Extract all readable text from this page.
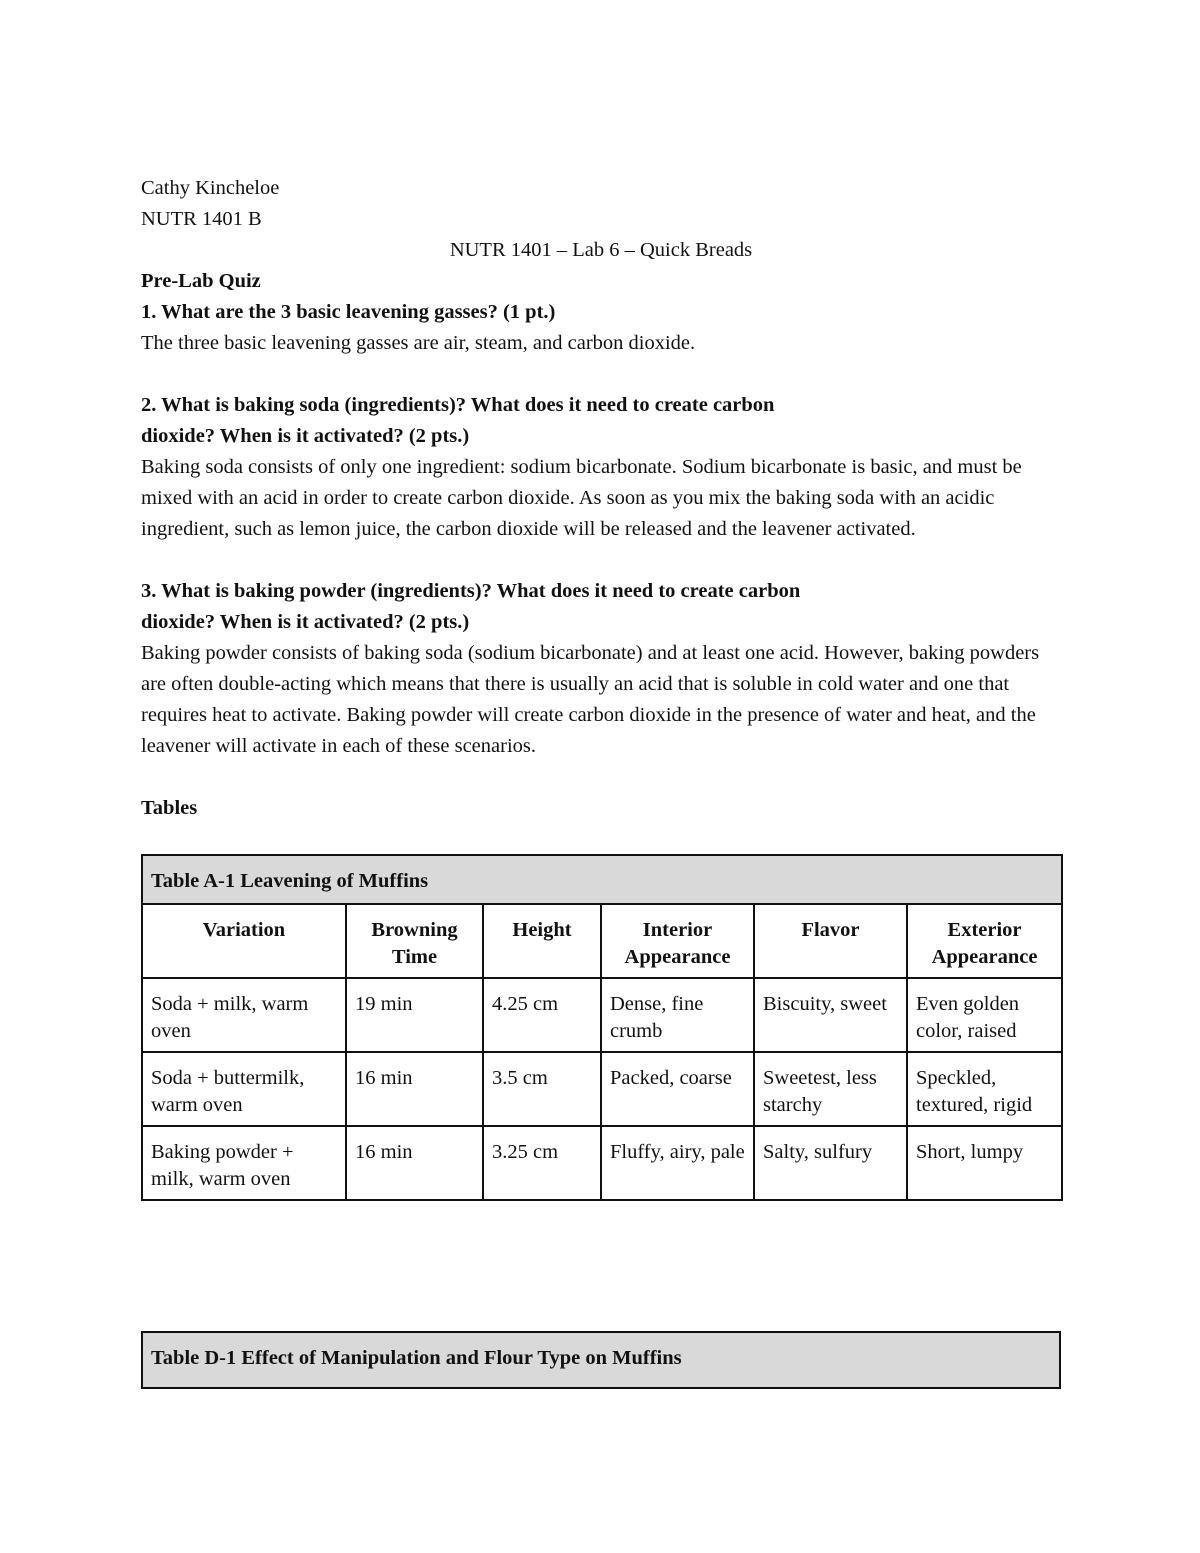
Cathy Kincheloe
NUTR 1401 B
NUTR 1401 – Lab 6 – Quick Breads
Pre-Lab Quiz
1. What are the 3 basic leavening gasses? (1 pt.)
The three basic leavening gasses are air, steam, and carbon dioxide.
2. What is baking soda (ingredients)? What does it need to create carbon
dioxide? When is it activated? (2 pts.)

Baking soda consists of only one ingredient: sodium bicarbonate. Sodium bicarbonate is basic, and must be mixed with an acid in order to create carbon dioxide. As soon as you mix the baking soda with an acidic ingredient, such as lemon juice, the carbon dioxide will be released and the leavener activated.

3. What is baking powder (ingredients)? What does it need to create carbon
dioxide? When is it activated? (2 pts.)

Baking powder consists of baking soda (sodium bicarbonate) and at least one acid. However, baking powders are often double-acting which means that there is usually an acid that is soluble in cold water and one that requires heat to activate. Baking powder will create carbon dioxide in the presence of water and heat, and the leavener will activate in each of these scenarios.

Tables
Table A-1 Leavening of Muffins					
Variation	Browning Time	Height	Interior Appearance	Flavor	Exterior Appearance
Soda + milk, warm oven	19 min	4.25 cm	Dense, fine crumb	Biscuity, sweet	Even golden color, raised
Soda + buttermilk, warm oven	16 min	3.5 cm	Packed, coarse	Sweetest, less starchy	Speckled, textured, rigid
Baking powder + milk, warm oven	16 min	3.25 cm	Fluffy, airy, pale	Salty, sulfury	Short, lumpy
Table D-1 Effect of Manipulation and Flour Type on Muffins
